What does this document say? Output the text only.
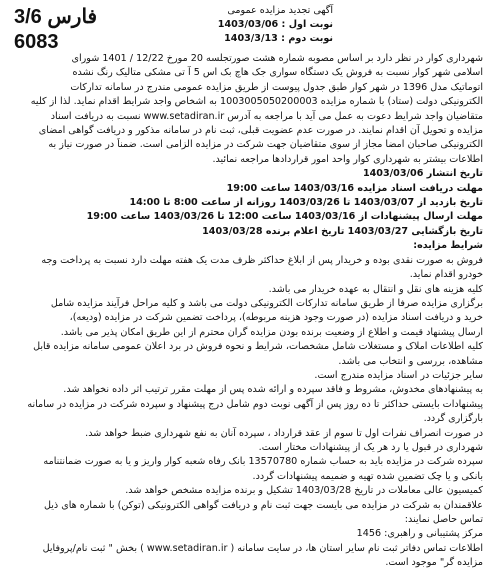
فارس 3/6
6083
آگهی تجدید مزایده عمومی
نوبت اول : 1403/03/06
نوبت دوم : 1403/3/13
شهرداری کوار در نظر دارد بر اساس مصوبه شماره هشت صورتجلسه 20 مورخ 12/22 / 1401 شورای
اسلامی شهر کوار نسبت به فروش یک دستگاه سواری جک هاچ بک اس 5 آ تی مشکی متالیک رنگ نشده
اتوماتیک مدل 1396 در شهر کوار طبق جدول پیوست از طریق مزایده عمومی مندرج در سامانه تدارکات
الکترونیکی دولت (ستاد) با شماره مزایده 1003005050200003 به اشخاص واجد شرایط اقدام نماید. لذا از کلیه
متقاضیان واجد شرایط دعوت به عمل می آید با مراجعه به آدرس www.setadiran.ir نسبت به دریافت اسناد
مزایده و تحویل آن اقدام نمایند. در صورت عدم عضویت قبلی، ثبت نام در سامانه مذکور و دریافت گواهی امضای
الکترونیکی صاحبان امضا مجاز از سوی متقاضیان جهت شرکت در مزایده الزامی است. ضمناً در صورت نیاز به
اطلاعات بیشتر به شهرداری کوار واحد امور قراردادها مراجعه نمائید.
تاریخ انتشار 1403/03/06
مهلت دریافت اسناد مزایده 1403/03/16 ساعت 19:00
تاریخ بازدید از 1403/03/07 تا 1403/03/26 روزانه از ساعت 8:00 تا 14:00
مهلت ارسال پیشنهادات از 1403/03/16 ساعت 12:00 تا 1403/03/26 ساعت 19:00
تاریخ بازگشایی 1403/03/27 تاریخ اعلام برنده 1403/03/28
شرایط مزایده:
فروش به صورت نقدی بوده و خریدار پس از ابلاغ حداکثر ظرف مدت یک هفته مهلت دارد نسبت به پرداخت وجه
خودرو اقدام نماید.
کلیه هزینه های نقل و انتقال به عهده خریدار می باشد.
برگزاری مزایده صرفا از طریق سامانه تدارکات الکترونیکی دولت می باشد و کلیه مراحل فرآیند مزایده شامل
خرید و دریافت اسناد مزایده (در صورت وجود هزینه مربوطه)، پرداخت تضمین شرکت در مزایده (ودیعه)،
ارسال پیشنهاد قیمت و اطلاع از وضعیت برنده بودن مزایده گران محترم از این طریق امکان پذیر می باشد.
کلیه اطلاعات املاک و مستغلات شامل مشخصات، شرایط و نحوه فروش در برد اعلان عمومی سامانه مزایده قابل
مشاهده، بررسی و انتخاب می باشد.
سایر جزئیات در اسناد مزایده مندرج است.
به پیشنهادهای مخدوش، مشروط و فاقد سپرده و ارائه شده پس از مهلت مقرر ترتیب اثر داده نخواهد شد.
پیشنهادات بایستی حداکثر تا ده روز پس از آگهی نوبت دوم شامل درج پیشنهاد و سپرده شرکت در مزایده در سامانه
بارگزاری گردد.
در صورت انصراف نفرات اول تا سوم از عقد قرارداد ، سپرده آنان به نفع شهرداری ضبط خواهد شد.
شهرداری در قبول یا رد هر یک از پیشنهادات مختار است.
سپرده شرکت در مزایده باید به حساب شماره 13570780 بانک رفاه شعبه کوار واریز و یا به صورت ضمانتنامه
بانکی و یا چک تضمین شده تهیه و ضمیمه پیشنهادات گردد.
کمیسیون عالی معاملات در تاریخ 1403/03/28 تشکیل و برنده مزایده مشخص خواهد شد.
علاقمندان به شرکت در مزایده می بایست جهت ثبت نام و دریافت گواهی الکترونیکی (توکن) با شماره های ذیل
تماس حاصل نمایند:
مرکز پشتیبانی و راهبری: 1456
اطلاعات تماس دفاتر ثبت نام سایر استان ها، در سایت سامانه ( www.setadiran.ir ) بخش " ثبت نام/پروفایل
مزایده گر" موجود است.
